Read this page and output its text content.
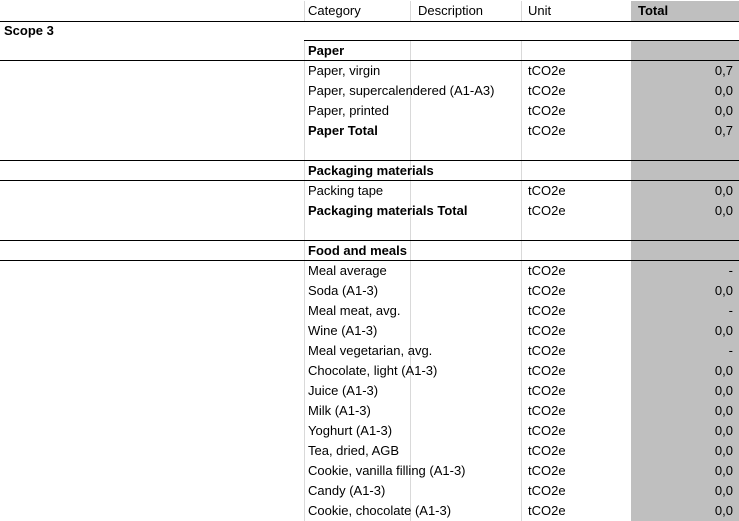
Category	Description	Unit	Total
Scope 3
Paper
Paper, virgin	tCO2e	0,7
Paper, supercalendered (A1-A3)	tCO2e	0,0
Paper, printed	tCO2e	0,0
Paper Total	tCO2e	0,7
Packaging materials
Packing tape	tCO2e	0,0
Packaging materials Total	tCO2e	0,0
Food and meals
Meal average	tCO2e	-
Soda (A1-3)	tCO2e	0,0
Meal meat, avg.	tCO2e	-
Wine (A1-3)	tCO2e	0,0
Meal vegetarian, avg.	tCO2e	-
Chocolate, light (A1-3)	tCO2e	0,0
Juice (A1-3)	tCO2e	0,0
Milk (A1-3)	tCO2e	0,0
Yoghurt (A1-3)	tCO2e	0,0
Tea, dried, AGB	tCO2e	0,0
Cookie, vanilla filling (A1-3)	tCO2e	0,0
Candy (A1-3)	tCO2e	0,0
Cookie, chocolate (A1-3)	tCO2e	0,0
